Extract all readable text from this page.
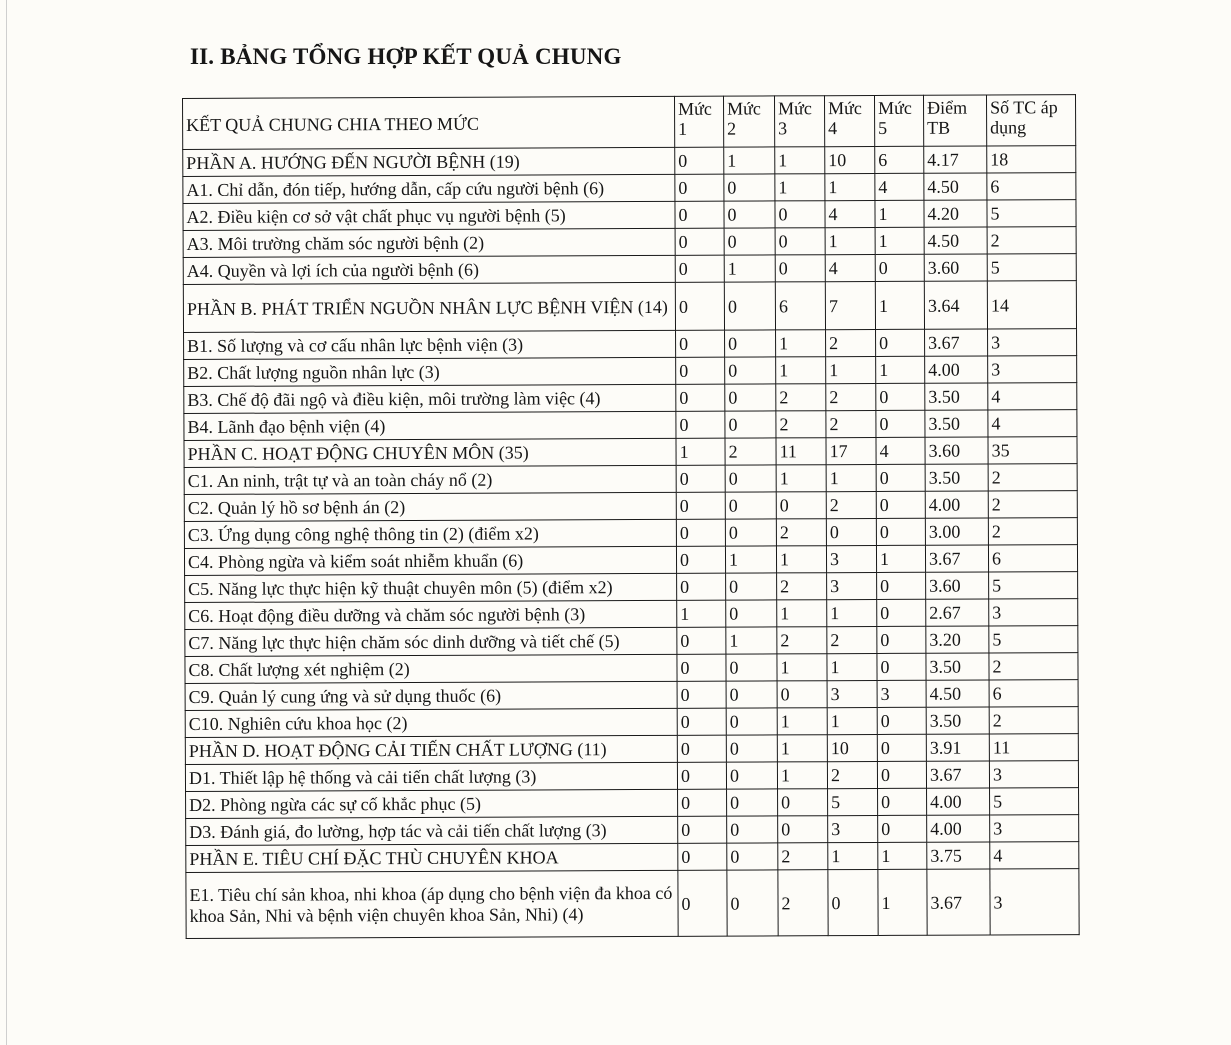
II. BẢNG TỔNG HỢP KẾT QUẢ CHUNG
KẾT QUẢ CHUNG CHIA THEO MỨC	Mức 1	Mức 2	Mức 3	Mức 4	Mức 5	Điểm TB	Số TC áp dụng
PHẦN A. HƯỚNG ĐẾN NGƯỜI BỆNH (19)	0	1	1	10	6	4.17	18
A1. Chỉ dẫn, đón tiếp, hướng dẫn, cấp cứu người bệnh (6)	0	0	1	1	4	4.50	6
A2. Điều kiện cơ sở vật chất phục vụ người bệnh (5)	0	0	0	4	1	4.20	5
A3. Môi trường chăm sóc người bệnh (2)	0	0	0	1	1	4.50	2
A4. Quyền và lợi ích của người bệnh (6)	0	1	0	4	0	3.60	5
PHẦN B. PHÁT TRIỂN NGUỒN NHÂN LỰC BỆNH VIỆN (14)	0	0	6	7	1	3.64	14
B1. Số lượng và cơ cấu nhân lực bệnh viện (3)	0	0	1	2	0	3.67	3
B2. Chất lượng nguồn nhân lực (3)	0	0	1	1	1	4.00	3
B3. Chế độ đãi ngộ và điều kiện, môi trường làm việc (4)	0	0	2	2	0	3.50	4
B4. Lãnh đạo bệnh viện (4)	0	0	2	2	0	3.50	4
PHẦN C. HOẠT ĐỘNG CHUYÊN MÔN (35)	1	2	11	17	4	3.60	35
C1. An ninh, trật tự và an toàn cháy nổ (2)	0	0	1	1	0	3.50	2
C2. Quản lý hồ sơ bệnh án (2)	0	0	0	2	0	4.00	2
C3. Ứng dụng công nghệ thông tin (2) (điểm x2)	0	0	2	0	0	3.00	2
C4. Phòng ngừa và kiểm soát nhiễm khuẩn (6)	0	1	1	3	1	3.67	6
C5. Năng lực thực hiện kỹ thuật chuyên môn (5) (điểm x2)	0	0	2	3	0	3.60	5
C6. Hoạt động điều dưỡng và chăm sóc người bệnh (3)	1	0	1	1	0	2.67	3
C7. Năng lực thực hiện chăm sóc dinh dưỡng và tiết chế (5)	0	1	2	2	0	3.20	5
C8. Chất lượng xét nghiệm (2)	0	0	1	1	0	3.50	2
C9. Quản lý cung ứng và sử dụng thuốc (6)	0	0	0	3	3	4.50	6
C10. Nghiên cứu khoa học (2)	0	0	1	1	0	3.50	2
PHẦN D. HOẠT ĐỘNG CẢI TIẾN CHẤT LƯỢNG (11)	0	0	1	10	0	3.91	11
D1. Thiết lập hệ thống và cải tiến chất lượng (3)	0	0	1	2	0	3.67	3
D2. Phòng ngừa các sự cố khắc phục (5)	0	0	0	5	0	4.00	5
D3. Đánh giá, đo lường, hợp tác và cải tiến chất lượng (3)	0	0	0	3	0	4.00	3
PHẦN E. TIÊU CHÍ ĐẶC THÙ CHUYÊN KHOA	0	0	2	1	1	3.75	4
E1. Tiêu chí sản khoa, nhi khoa (áp dụng cho bệnh viện đa khoa có khoa Sản, Nhi và bệnh viện chuyên khoa Sản, Nhi) (4)	0	0	2	0	1	3.67	3
